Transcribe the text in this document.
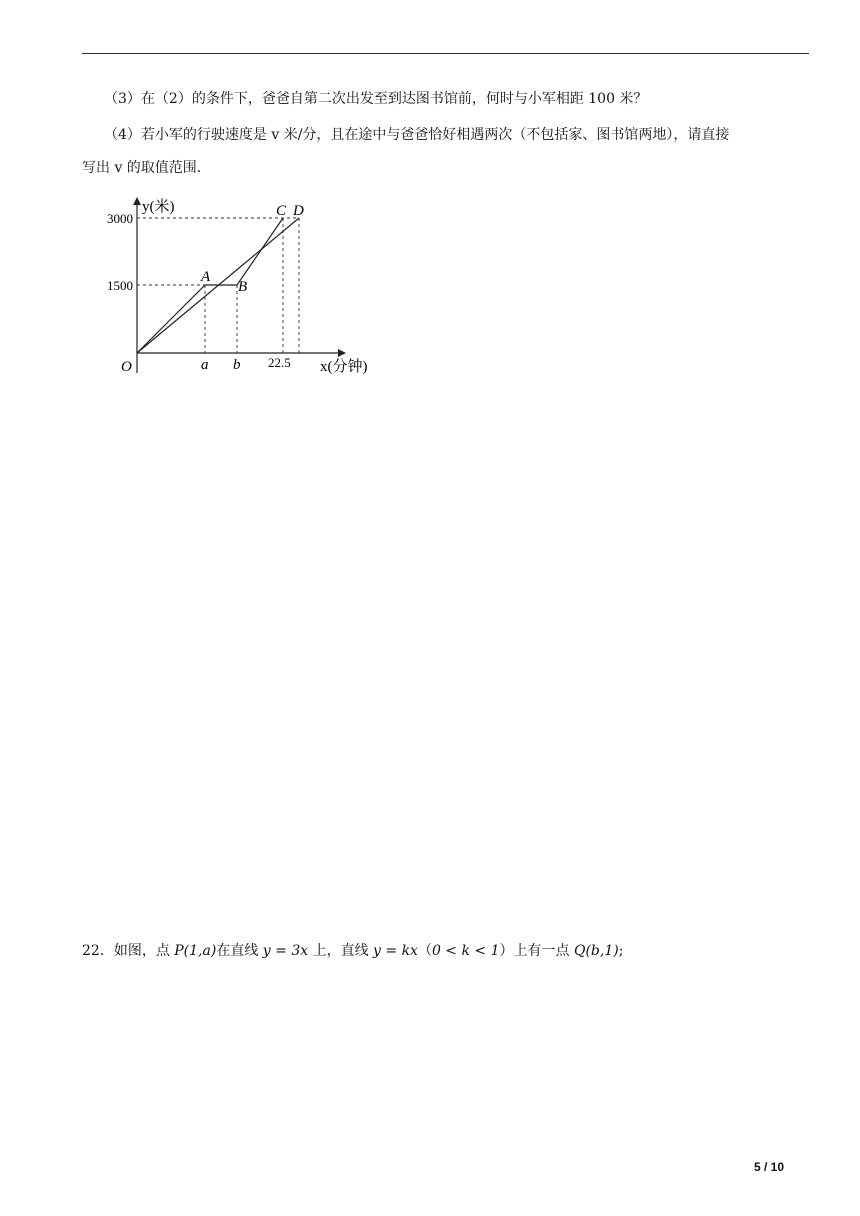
（3）在（2）的条件下，爸爸自第二次出发至到达图书馆前，何时与小军相距 100 米？
（4）若小军的行驶速度是 v 米/分，且在途中与爸爸恰好相遇两次（不包括家、图书馆两地），请直接
写出 v 的取值范围.
y(米)
x(分钟)
3000
1500
O	a b 22.5
A
B
C D
22．如图，点 P(1,a)在直线 y = 3x 上，直线 y = kx（0 < k < 1）上有一点 Q(b,1);
5 / 10
